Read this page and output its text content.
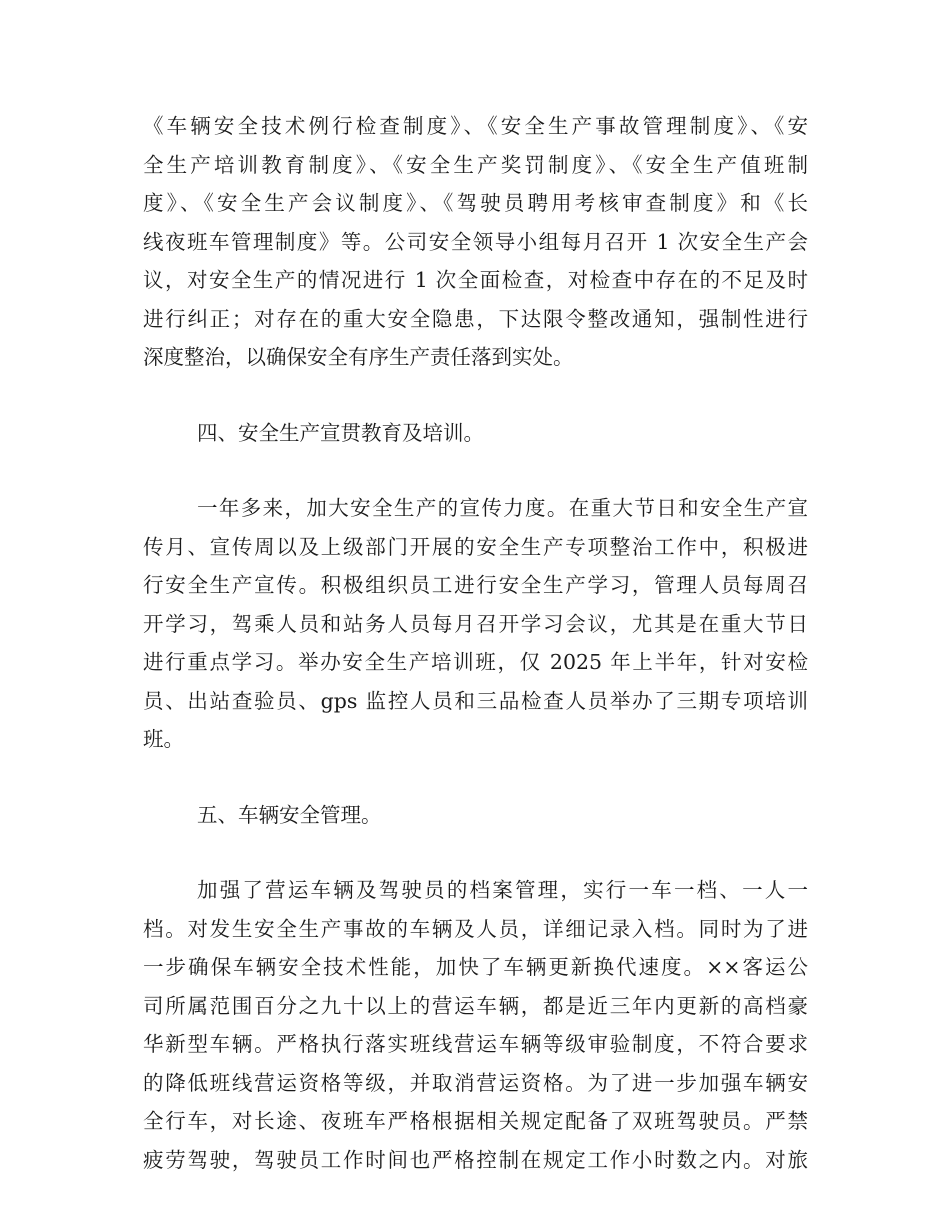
《车辆安全技术例行检查制度》、《安全生产事故管理制度》、《安
全生产培训教育制度》、《安全生产奖罚制度》、《安全生产值班制
度》、《安全生产会议制度》、《驾驶员聘用考核审查制度》和《长
线夜班车管理制度》等。公司安全领导小组每月召开 1 次安全生产会
议，对安全生产的情况进行 1 次全面检查，对检查中存在的不足及时
进行纠正；对存在的重大安全隐患，下达限令整改通知，强制性进行
深度整治，以确保安全有序生产责任落到实处。
四、安全生产宣贯教育及培训。
一年多来，加大安全生产的宣传力度。在重大节日和安全生产宣
传月、宣传周以及上级部门开展的安全生产专项整治工作中，积极进
行安全生产宣传。积极组织员工进行安全生产学习，管理人员每周召
开学习，驾乘人员和站务人员每月召开学习会议，尤其是在重大节日
进行重点学习。举办安全生产培训班，仅 2025 年上半年，针对安检
员、出站查验员、gps 监控人员和三品检查人员举办了三期专项培训
班。
五、车辆安全管理。
加强了营运车辆及驾驶员的档案管理，实行一车一档、一人一
档。对发生安全生产事故的车辆及人员，详细记录入档。同时为了进
一步确保车辆安全技术性能，加快了车辆更新换代速度。××客运公
司所属范围百分之九十以上的营运车辆，都是近三年内更新的高档豪
华新型车辆。严格执行落实班线营运车辆等级审验制度，不符合要求
的降低班线营运资格等级，并取消营运资格。为了进一步加强车辆安
全行车，对长途、夜班车严格根据相关规定配备了双班驾驶员。严禁
疲劳驾驶，驾驶员工作时间也严格控制在规定工作小时数之内。对旅
